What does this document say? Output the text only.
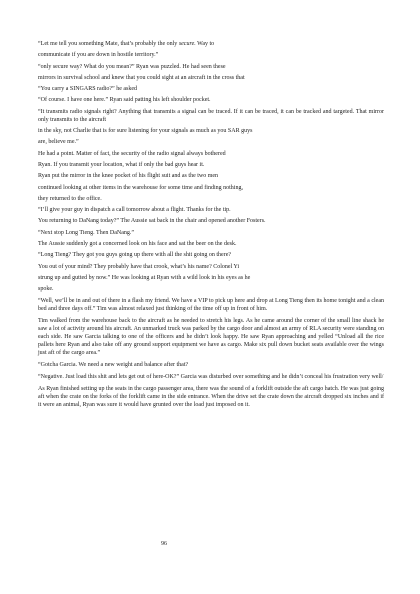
“Let me tell you something Mate, that’s probably the only secure. Way to

communicate if you are down in hostile territory.”

“only secure way? What do you mean?” Ryan was puzzled. He had seen these

mirrors in survival school and knew that you could sight at an aircraft in the cross that

“You carry a SINGARS radio?” he asked

“Of course. I have one here.” Ryan said patting his left shoulder pocket.

“It transmits radio signals right? Anything that transmits a signal can be traced. If it can be traced, it can be tracked and targeted. That mirror only transmits to the aircraft

in the sky, not Charlie that is for sure listening for your signals as much as you SAR guys

are, believe me.”

He had a point. Matter of fact, the security of the radio signal always bothered

Ryan. If you transmit your location, what if only the bad guys hear it.

Ryan put the mirror in the knee pocket of his flight suit and as the two men

continued looking at other items in the warehouse for some time and finding nothing,

they returned to the office.

“I’ll give your guy in dispatch a call tomorrow about a flight. Thanks for the tip.

You returning to DaNang today?” The Aussie sat back in the chair and opened another Fosters.

“Next stop Long Tieng. Then DaNang.”

The Aussie suddenly got a concerned look on his face and sat the beer on the desk.

“Long Tieng? They got you guys going up there with all the shit going on there?

You out of your mind? They probably have that crook, what’s his name? Colonel Yi

strung up and gutted by now.” He was looking at Ryan with a wild look in his eyes as he

spoke.

“Well, we’ll be in and out of there in a flash my friend. We have a VIP to pick up here and drop at Long Tieng then its home tonight and a clean bed and three days off.” Tim was almost relaxed just thinking of the time off up in front of him.

Tim walked from the warehouse back to the aircraft as he needed to stretch his legs. As he came around the corner of the small line shack he saw a lot of activity around his aircraft. An unmarked truck was parked by the cargo door and almost an army of RLA security were standing on each side. He saw Garcia talking to one of the officers and he didn’t look happy. He saw Ryan approaching and yelled “Unload all the rice pallets here Ryan and also take off any ground support equipment we have as cargo. Make six pull down bucket seats available over the wings just aft of the cargo area.”

“Gotcha Garcia. We need a new weight and balance after that?

“Negative. Just load this shit and lets get out of here-OK?” Garcia was disturbed over something and he didn’t conceal his frustration very well/

As Ryan finished setting up the seats in the cargo passenger area, there was the sound of a forklift outside the aft cargo hatch. He was just going aft when the crate on the forks of the forklift came in the side entrance. When the drive set the crate down the aircraft dropped six inches and if it were an animal, Ryan was sure it would have grunted over the load just imposed on it.

96
